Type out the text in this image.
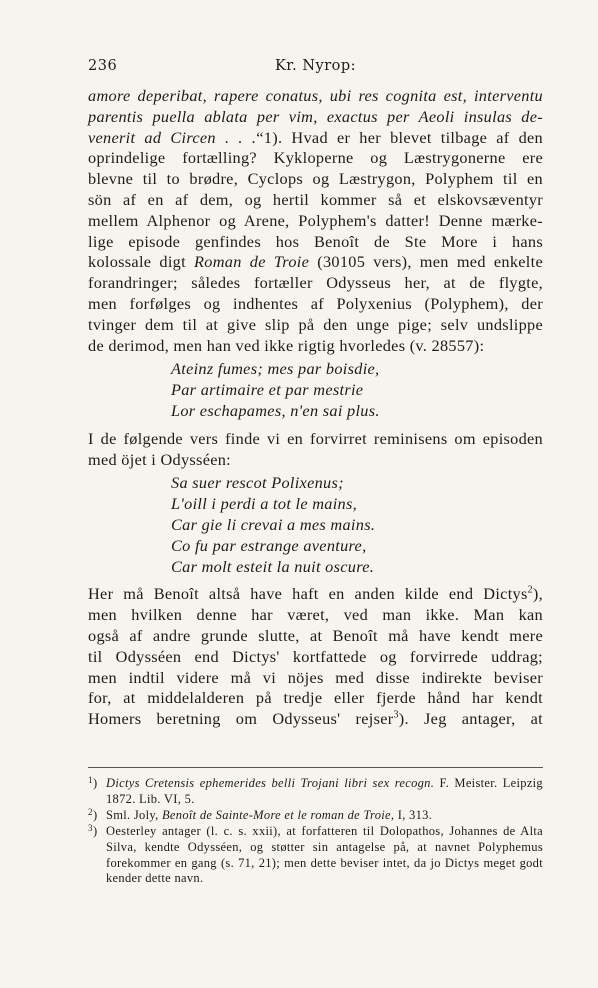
236	Kr. Nyrop:

amore deperibat, rapere conatus, ubi res cognita est, interventu

parentis puella ablata per vim, exactus per Aeoli insulas de-

venerit ad Circen . . .“1). Hvad er her blevet tilbage af den

oprindelige fortælling? Kykloperne og Læstrygonerne ere

blevne til to brødre, Cyclops og Læstrygon, Polyphem til en

sön af en af dem, og hertil kommer så et elskovsæventyr

mellem Alphenor og Arene, Polyphem's datter! Denne mærke-

lige episode genfindes hos Benoît de Ste More i hans

kolossale digt Roman de Troie (30105 vers), men med enkelte

forandringer; således fortæller Odysseus her, at de flygte,

men forfølges og indhentes af Polyxenius (Polyphem), der

tvinger dem til at give slip på den unge pige; selv undslippe

de derimod, men han ved ikke rigtig hvorledes (v. 28557):

Ateinz fumes; mes par boisdie,
Par artimaire et par mestrie
Lor eschapames, n'en sai plus.

I de følgende vers finde vi en forvirret reminisens om episoden

med öjet i Odysséen:

Sa suer rescot Polixenus;
L'oill i perdi a tot le mains,
Car gie li crevai a mes mains.
Co fu par estrange aventure,
Car molt esteit la nuit oscure.

Her må Benoît altså have haft en anden kilde end Dictys$^2$),

men hvilken denne har været, ved man ikke. Man kan

også af andre grunde slutte, at Benoît må have kendt mere

til Odysséen end Dictys' kortfattede og forvirrede uddrag;

men indtil videre må vi nöjes med disse indirekte beviser

for, at middelalderen på tredje eller fjerde hånd har kendt

Homers beretning om Odysseus' rejser$^3$). Jeg antager, at

1 ) Dictys Cretensis ephemerides belli Trojani libri sex recogn. F. Meister. Leipzig 1872. Lib. VI, 5.
2 ) Sml. Joly, Benoît de Sainte-More et le roman de Troie, I, 313.
3 ) Oesterley antager (l. c. s. xxii), at forfatteren til Dolopathos, Johannes de Alta Silva, kendte Odysséen, og støtter sin antagelse på, at navnet Polyphemus forekommer en gang (s. 71, 21); men dette beviser intet, da jo Dictys meget godt kender dette navn.
